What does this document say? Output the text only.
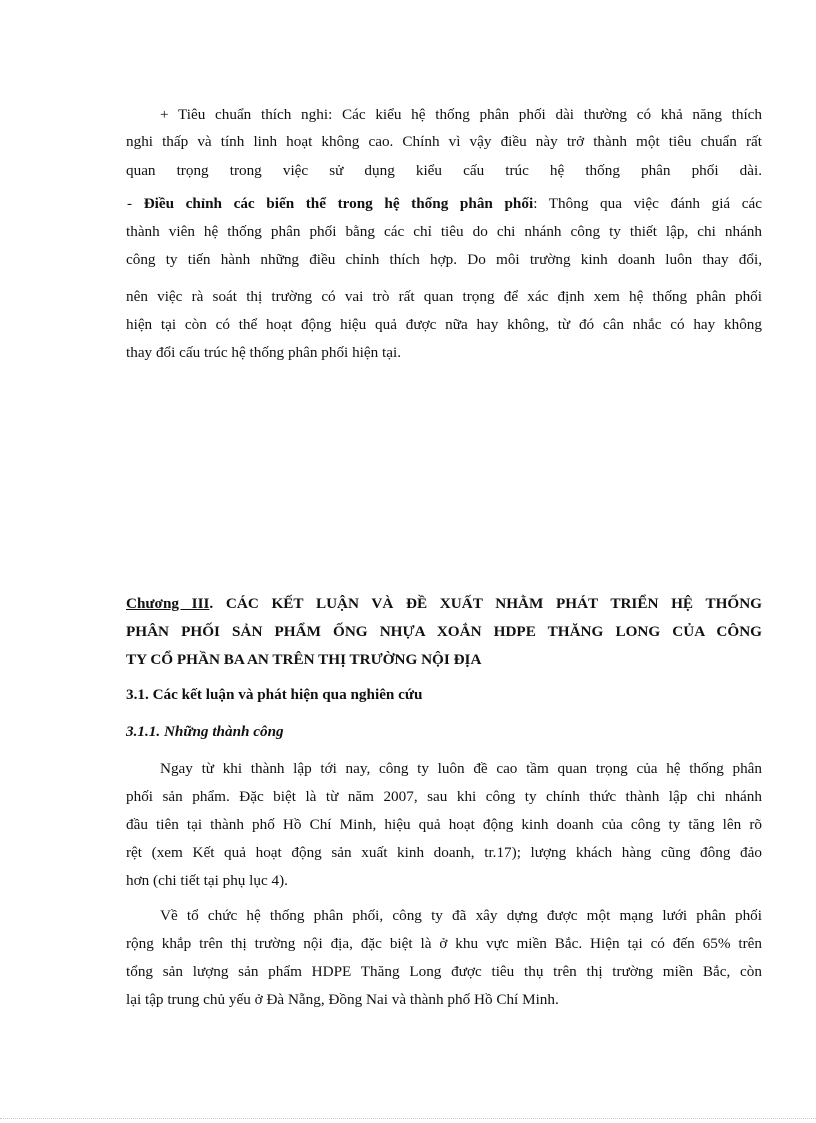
+ Tiêu chuẩn thích nghi: Các kiểu hệ thống phân phối dài thường có khả năng thích
nghi thấp và tính linh hoạt không cao. Chính vì vậy điều này trở thành một tiêu chuẩn rất
quan trọng trong việc sử dụng kiểu cấu trúc hệ thống phân phối dài.
- Điều chỉnh các biến thể trong hệ thống phân phối: Thông qua việc đánh giá các
thành viên hệ thống phân phối bằng các chỉ tiêu do chi nhánh công ty thiết lập, chi nhánh
công ty tiến hành những điều chỉnh thích hợp. Do môi trường kinh doanh luôn thay đổi,
nên việc rà soát thị trường có vai trò rất quan trọng để xác định xem hệ thống phân phối
hiện tại còn có thể hoạt động hiệu quả được nữa hay không, từ đó cân nhắc có hay không
thay đổi cấu trúc hệ thống phân phối hiện tại.
Chương III. CÁC KẾT LUẬN VÀ ĐỀ XUẤT NHẰM PHÁT TRIỂN HỆ THỐNG
PHÂN PHỐI SẢN PHẨM ỐNG NHỰA XOẮN HDPE THĂNG LONG CỦA CÔNG
TY CỔ PHẦN BA AN TRÊN THỊ TRƯỜNG NỘI ĐỊA
3.1. Các kết luận và phát hiện qua nghiên cứu
3.1.1. Những thành công
Ngay từ khi thành lập tới nay, công ty luôn đề cao tầm quan trọng của hệ thống phân
phối sản phẩm. Đặc biệt là từ năm 2007, sau khi công ty chính thức thành lập chi nhánh
đầu tiên tại thành phố Hồ Chí Minh, hiệu quả hoạt động kinh doanh của công ty tăng lên rõ
rệt (xem Kết quả hoạt động sản xuất kinh doanh, tr.17); lượng khách hàng cũng đông đảo
hơn (chi tiết tại phụ lục 4).
Về tổ chức hệ thống phân phối, công ty đã xây dựng được một mạng lưới phân phối
rộng khắp trên thị trường nội địa, đặc biệt là ở khu vực miền Bắc. Hiện tại có đến 65% trên
tổng sản lượng sản phẩm HDPE Thăng Long được tiêu thụ trên thị trường miền Bắc, còn
lại tập trung chủ yếu ở Đà Nẵng, Đồng Nai và thành phố Hồ Chí Minh.
